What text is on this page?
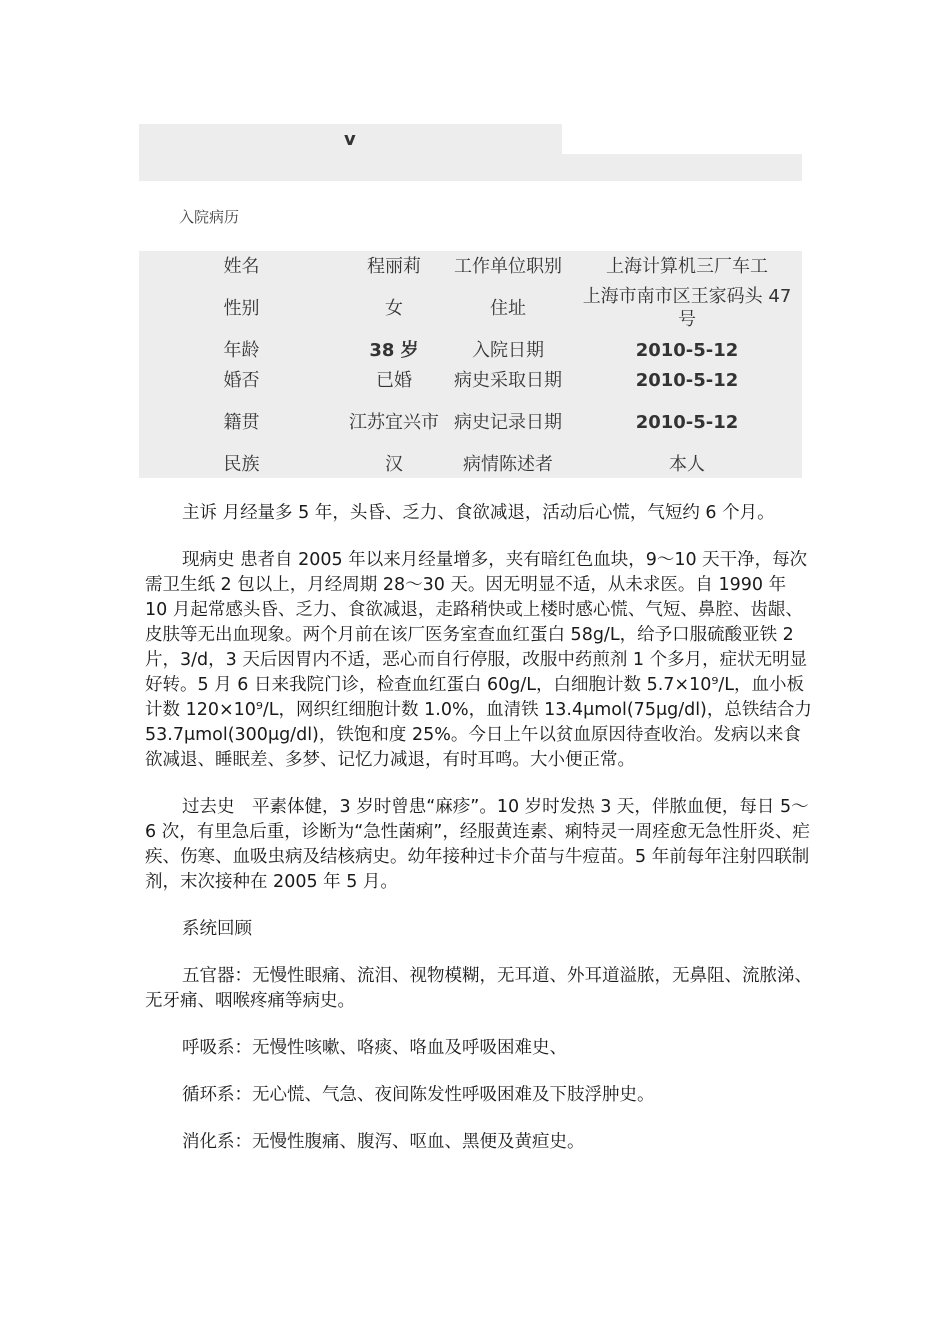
v
入院病历
姓名	程丽莉	工作单位职别	上海计算机三厂车工
性别	女	住址	上海市南市区王家码头 47 号
年龄	38 岁	入院日期	2010-5-12
婚否	已婚	病史采取日期	2010-5-12
籍贯	江苏宜兴市	病史记录日期	2010-5-12
民族	汉	病情陈述者	本人

主诉 月经量多 5 年，头昏、乏力、食欲减退，活动后心慌，气短约 6 个月。

现病史 患者自 2005 年以来月经量增多，夹有暗红色血块，9～10 天干净，每次需卫生纸 2 包以上，月经周期 28～30 天。因无明显不适，从未求医。自 1990 年 10 月起常感头昏、乏力、食欲减退，走路稍快或上楼时感心慌、气短、鼻腔、齿龈、皮肤等无出血现象。两个月前在该厂医务室查血红蛋白 58g/L，给予口服硫酸亚铁 2 片，3/d，3 天后因胃内不适，恶心而自行停服，改服中药煎剂 1 个多月，症状无明显好转。5 月 6 日来我院门诊，检查血红蛋白 60g/L，白细胞计数 5.7×10⁹/L，血小板计数 120×10⁹/L，网织红细胞计数 1.0%，血清铁 13.4μmol(75μg/dl)，总铁结合力 53.7μmol(300μg/dl)，铁饱和度 25%。今日上午以贫血原因待查收治。发病以来食欲减退、睡眠差、多梦、记忆力减退，有时耳鸣。大小便正常。

过去史　平素体健，3 岁时曾患“麻疹”。10 岁时发热 3 天，伴脓血便，每日 5～6 次，有里急后重，诊断为“急性菌痢”，经服黄连素、痢特灵一周痊愈无急性肝炎、疟疾、伤寒、血吸虫病及结核病史。幼年接种过卡介苗与牛痘苗。5 年前每年注射四联制剂，末次接种在 2005 年 5 月。

系统回顾

五官器：无慢性眼痛、流泪、视物模糊，无耳道、外耳道溢脓，无鼻阻、流脓涕、无牙痛、咽喉疼痛等病史。

呼吸系：无慢性咳嗽、咯痰、咯血及呼吸困难史、

循环系：无心慌、气急、夜间陈发性呼吸困难及下肢浮肿史。

消化系：无慢性腹痛、腹泻、呕血、黑便及黄疸史。
